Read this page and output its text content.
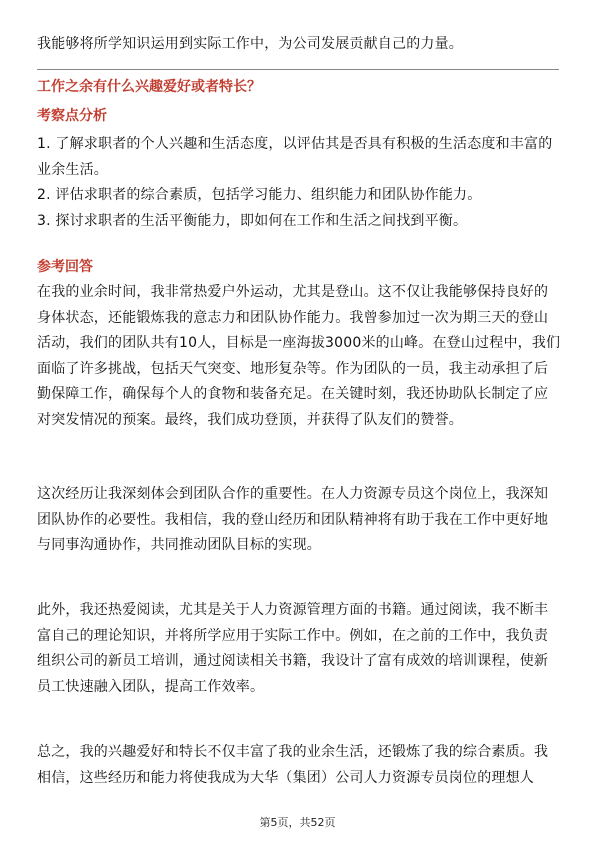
我能够将所学知识运用到实际工作中，为公司发展贡献自己的力量。
工作之余有什么兴趣爱好或者特长？
考察点分析
1. 了解求职者的个人兴趣和生活态度，以评估其是否具有积极的生活态度和丰富的
业余生活。
2. 评估求职者的综合素质，包括学习能力、组织能力和团队协作能力。
3. 探讨求职者的生活平衡能力，即如何在工作和生活之间找到平衡。
参考回答
在我的业余时间，我非常热爱户外运动，尤其是登山。这不仅让我能够保持良好的
身体状态，还能锻炼我的意志力和团队协作能力。我曾参加过一次为期三天的登山
活动，我们的团队共有10人，目标是一座海拔3000米的山峰。在登山过程中，我们
面临了许多挑战，包括天气突变、地形复杂等。作为团队的一员，我主动承担了后
勤保障工作，确保每个人的食物和装备充足。在关键时刻，我还协助队长制定了应
对突发情况的预案。最终，我们成功登顶，并获得了队友们的赞誉。
这次经历让我深刻体会到团队合作的重要性。在人力资源专员这个岗位上，我深知
团队协作的必要性。我相信，我的登山经历和团队精神将有助于我在工作中更好地
与同事沟通协作，共同推动团队目标的实现。
此外，我还热爱阅读，尤其是关于人力资源管理方面的书籍。通过阅读，我不断丰
富自己的理论知识，并将所学应用于实际工作中。例如，在之前的工作中，我负责
组织公司的新员工培训，通过阅读相关书籍，我设计了富有成效的培训课程，使新
员工快速融入团队，提高工作效率。
总之，我的兴趣爱好和特长不仅丰富了我的业余生活，还锻炼了我的综合素质。我
相信，这些经历和能力将使我成为大华（集团）公司人力资源专员岗位的理想人
第5页，共52页
